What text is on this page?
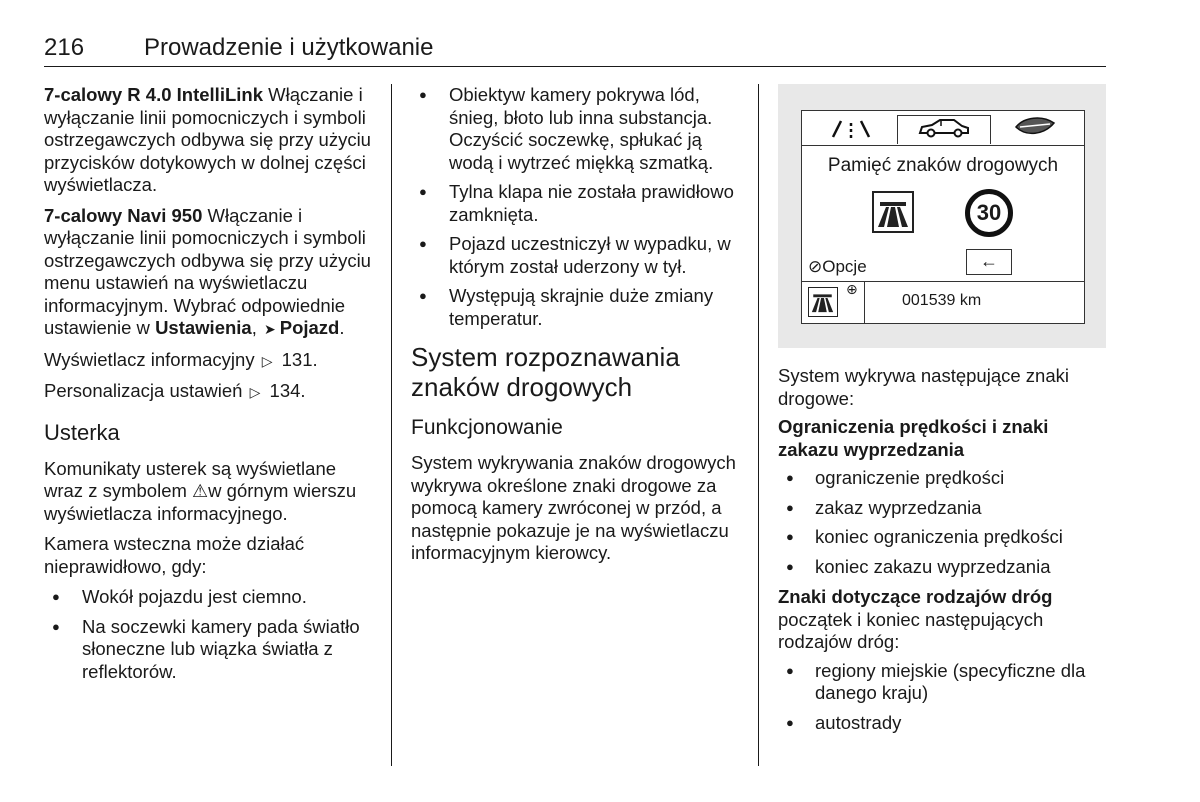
216 Prowadzenie i użytkowanie

7-calowy R 4.0 IntelliLink Włączanie i wyłączanie linii pomocniczych i symboli ostrzegawczych odbywa się przy użyciu przycisków dotykowych w dolnej części wyświetlacza.

7-calowy Navi 950 Włączanie i wyłączanie linii pomocniczych i symboli ostrzegawczych odbywa się przy użyciu menu ustawień na wyświetlaczu informacyjnym. Wybrać odpowiednie ustawienie w Ustawienia, ➤ Pojazd.

Wyświetlacz informacyjny ▷ 131.

Personalizacja ustawień ▷ 134.

Usterka

Komunikaty usterek są wyświetlane wraz z symbolem ⚠w górnym wierszu wyświetlacza informacyjnego.

Kamera wsteczna może działać nieprawidłowo, gdy:

● Wokół pojazdu jest ciemno.
● Na soczewki kamery pada światło słoneczne lub wiązka światła z reflektorów.
● Obiektyw kamery pokrywa lód, śnieg, błoto lub inna substancja. Oczyścić soczewkę, spłukać ją wodą i wytrzeć miękką szmatką.
● Tylna klapa nie została prawidłowo zamknięta.
● Pojazd uczestniczył w wypadku, w którym został uderzony w tył.
● Występują skrajnie duże zmiany temperatur.
System rozpoznawania znaków drogowych
Funkcjonowanie

System wykrywania znaków drogowych wykrywa określone znaki drogowe za pomocą kamery zwróconej w przód, a następnie pokazuje je na wyświetlaczu informacyjnym kierowcy.

Pamięć znaków drogowych
30
⊘Opcje	←
⊕
001539 km

System wykrywa następujące znaki drogowe:

Ograniczenia prędkości i znaki zakazu wyprzedzania

● ograniczenie prędkości
● zakaz wyprzedzania
● koniec ograniczenia prędkości
● koniec zakazu wyprzedzania

Znaki dotyczące rodzajów dróg
początek i koniec następujących rodzajów dróg:

● regiony miejskie (specyficzne dla danego kraju)
● autostrady
